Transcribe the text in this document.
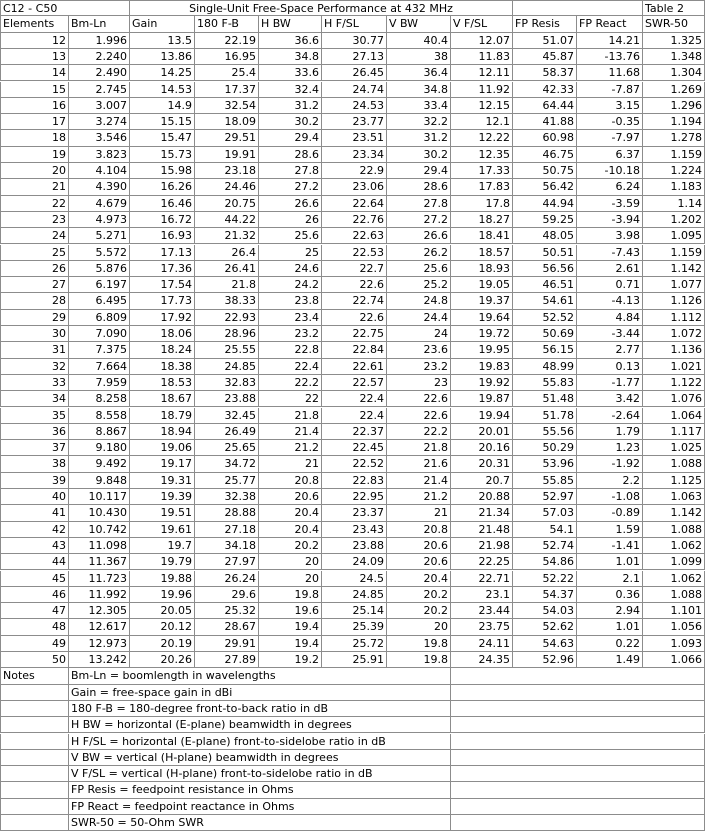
C12 - C50	Single-Unit Free-Space Performance at 432 MHz	Table 2
Elements	Bm-Ln	Gain	180 F-B	H BW	H F/SL	V BW	V F/SL	FP Resis	FP React	SWR-50
12	1.996	13.5	22.19	36.6	30.77	40.4	12.07	51.07	14.21	1.325
13	2.240	13.86	16.95	34.8	27.13	38	11.83	45.87	-13.76	1.348
14	2.490	14.25	25.4	33.6	26.45	36.4	12.11	58.37	11.68	1.304
15	2.745	14.53	17.37	32.4	24.74	34.8	11.92	42.33	-7.87	1.269
16	3.007	14.9	32.54	31.2	24.53	33.4	12.15	64.44	3.15	1.296
17	3.274	15.15	18.09	30.2	23.77	32.2	12.1	41.88	-0.35	1.194
18	3.546	15.47	29.51	29.4	23.51	31.2	12.22	60.98	-7.97	1.278
19	3.823	15.73	19.91	28.6	23.34	30.2	12.35	46.75	6.37	1.159
20	4.104	15.98	23.18	27.8	22.9	29.4	17.33	50.75	-10.18	1.224
21	4.390	16.26	24.46	27.2	23.06	28.6	17.83	56.42	6.24	1.183
22	4.679	16.46	20.75	26.6	22.64	27.8	17.8	44.94	-3.59	1.14
23	4.973	16.72	44.22	26	22.76	27.2	18.27	59.25	-3.94	1.202
24	5.271	16.93	21.32	25.6	22.63	26.6	18.41	48.05	3.98	1.095
25	5.572	17.13	26.4	25	22.53	26.2	18.57	50.51	-7.43	1.159
26	5.876	17.36	26.41	24.6	22.7	25.6	18.93	56.56	2.61	1.142
27	6.197	17.54	21.8	24.2	22.6	25.2	19.05	46.51	0.71	1.077
28	6.495	17.73	38.33	23.8	22.74	24.8	19.37	54.61	-4.13	1.126
29	6.809	17.92	22.93	23.4	22.6	24.4	19.64	52.52	4.84	1.112
30	7.090	18.06	28.96	23.2	22.75	24	19.72	50.69	-3.44	1.072
31	7.375	18.24	25.55	22.8	22.84	23.6	19.95	56.15	2.77	1.136
32	7.664	18.38	24.85	22.4	22.61	23.2	19.83	48.99	0.13	1.021
33	7.959	18.53	32.83	22.2	22.57	23	19.92	55.83	-1.77	1.122
34	8.258	18.67	23.88	22	22.4	22.6	19.87	51.48	3.42	1.076
35	8.558	18.79	32.45	21.8	22.4	22.6	19.94	51.78	-2.64	1.064
36	8.867	18.94	26.49	21.4	22.37	22.2	20.01	55.56	1.79	1.117
37	9.180	19.06	25.65	21.2	22.45	21.8	20.16	50.29	1.23	1.025
38	9.492	19.17	34.72	21	22.52	21.6	20.31	53.96	-1.92	1.088
39	9.848	19.31	25.77	20.8	22.83	21.4	20.7	55.85	2.2	1.125
40	10.117	19.39	32.38	20.6	22.95	21.2	20.88	52.97	-1.08	1.063
41	10.430	19.51	28.88	20.4	23.37	21	21.34	57.03	-0.89	1.142
42	10.742	19.61	27.18	20.4	23.43	20.8	21.48	54.1	1.59	1.088
43	11.098	19.7	34.18	20.2	23.88	20.6	21.98	52.74	-1.41	1.062
44	11.367	19.79	27.97	20	24.09	20.6	22.25	54.86	1.01	1.099
45	11.723	19.88	26.24	20	24.5	20.4	22.71	52.22	2.1	1.062
46	11.992	19.96	29.6	19.8	24.85	20.2	23.1	54.37	0.36	1.088
47	12.305	20.05	25.32	19.6	25.14	20.2	23.44	54.03	2.94	1.101
48	12.617	20.12	28.67	19.4	25.39	20	23.75	52.62	1.01	1.056
49	12.973	20.19	29.91	19.4	25.72	19.8	24.11	54.63	0.22	1.093
50	13.242	20.26	27.89	19.2	25.91	19.8	24.35	52.96	1.49	1.066
Notes	Bm-Ln = boomlength in wavelengths
Gain = free-space gain in dBi
180 F-B = 180-degree front-to-back ratio in dB
H BW = horizontal (E-plane) beamwidth in degrees
H F/SL = horizontal (E-plane) front-to-sidelobe ratio in dB
V BW = vertical (H-plane) beamwidth in degrees
V F/SL = vertical (H-plane) front-to-sidelobe ratio in dB
FP Resis = feedpoint resistance in Ohms
FP React = feedpoint reactance in Ohms
SWR-50 = 50-Ohm SWR
